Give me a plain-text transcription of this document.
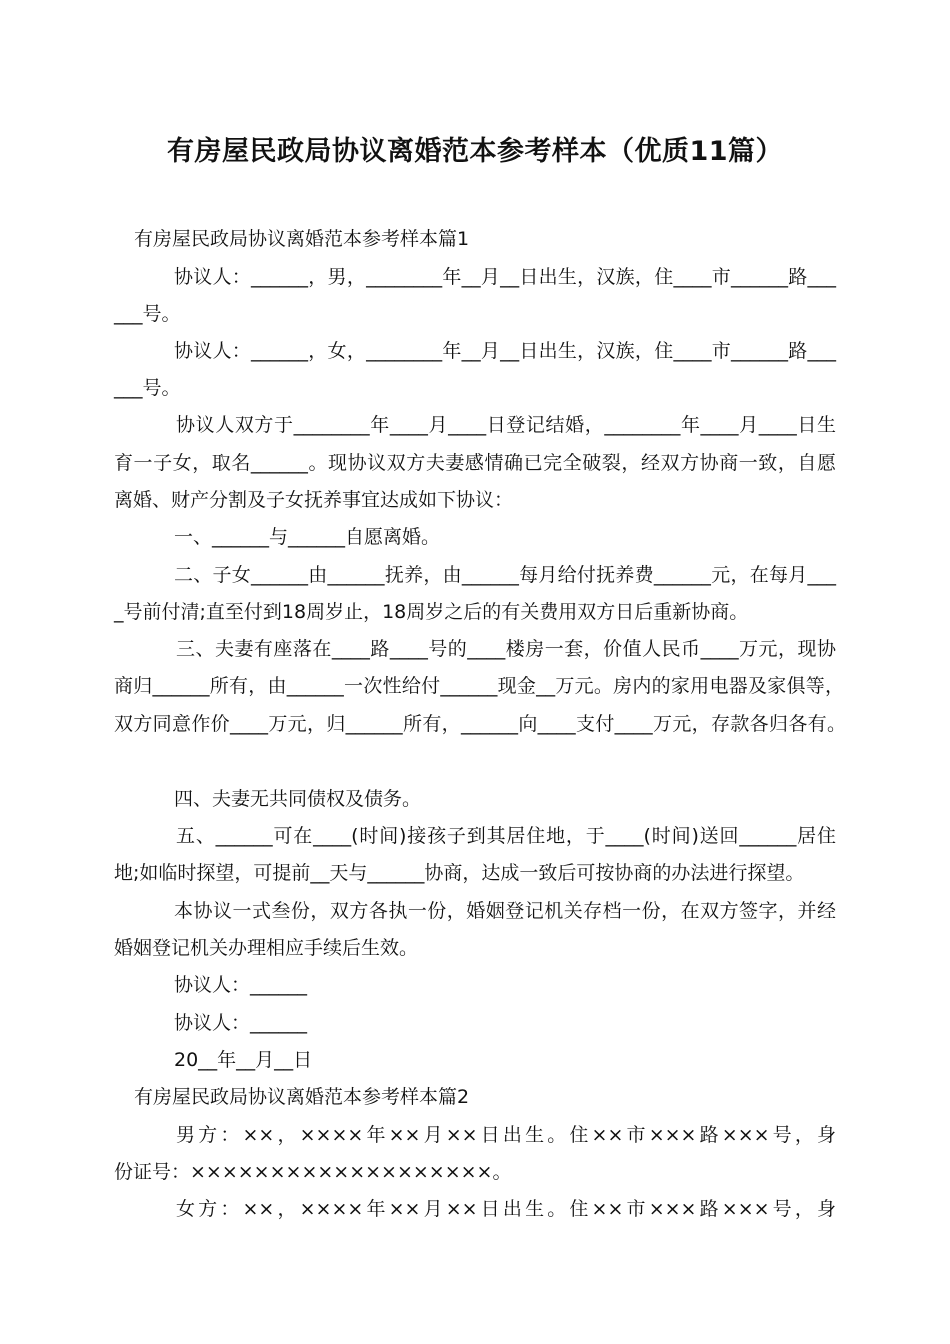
有房屋民政局协议离婚范本参考样本（优质11篇）
有房屋民政局协议离婚范本参考样本篇1
协议人：______，男，________年__月__日出生，汉族，住____市______路___
___号。
协议人：______，女，________年__月__日出生，汉族，住____市______路___
___号。
协议人双方于________年____月____日登记结婚，________年____月____日生
育一子女，取名______。现协议双方夫妻感情确已完全破裂，经双方协商一致，自愿
离婚、财产分割及子女抚养事宜达成如下协议：
一、______与______自愿离婚。
二、子女______由______抚养，由______每月给付抚养费______元，在每月___
_号前付清;直至付到18周岁止，18周岁之后的有关费用双方日后重新协商。
三、夫妻有座落在____路____号的____楼房一套，价值人民币____万元，现协
商归______所有，由______一次性给付______现金__万元。房内的家用电器及家俱等，
双方同意作价____万元，归______所有，______向____支付____万元，存款各归各有。
四、夫妻无共同债权及债务。
五、______可在____(时间)接孩子到其居住地，于____(时间)送回______居住
地;如临时探望，可提前__天与______协商，达成一致后可按协商的办法进行探望。
本协议一式叁份，双方各执一份，婚姻登记机关存档一份，在双方签字，并经
婚姻登记机关办理相应手续后生效。
协议人：______
协议人：______
20__年__月__日
有房屋民政局协议离婚范本参考样本篇2
男方：××，××××年××月××日出生。住××市×××路×××号，身
份证号：×××××××××××××××××××。
女方：××，××××年××月××日出生。住××市×××路×××号，身
